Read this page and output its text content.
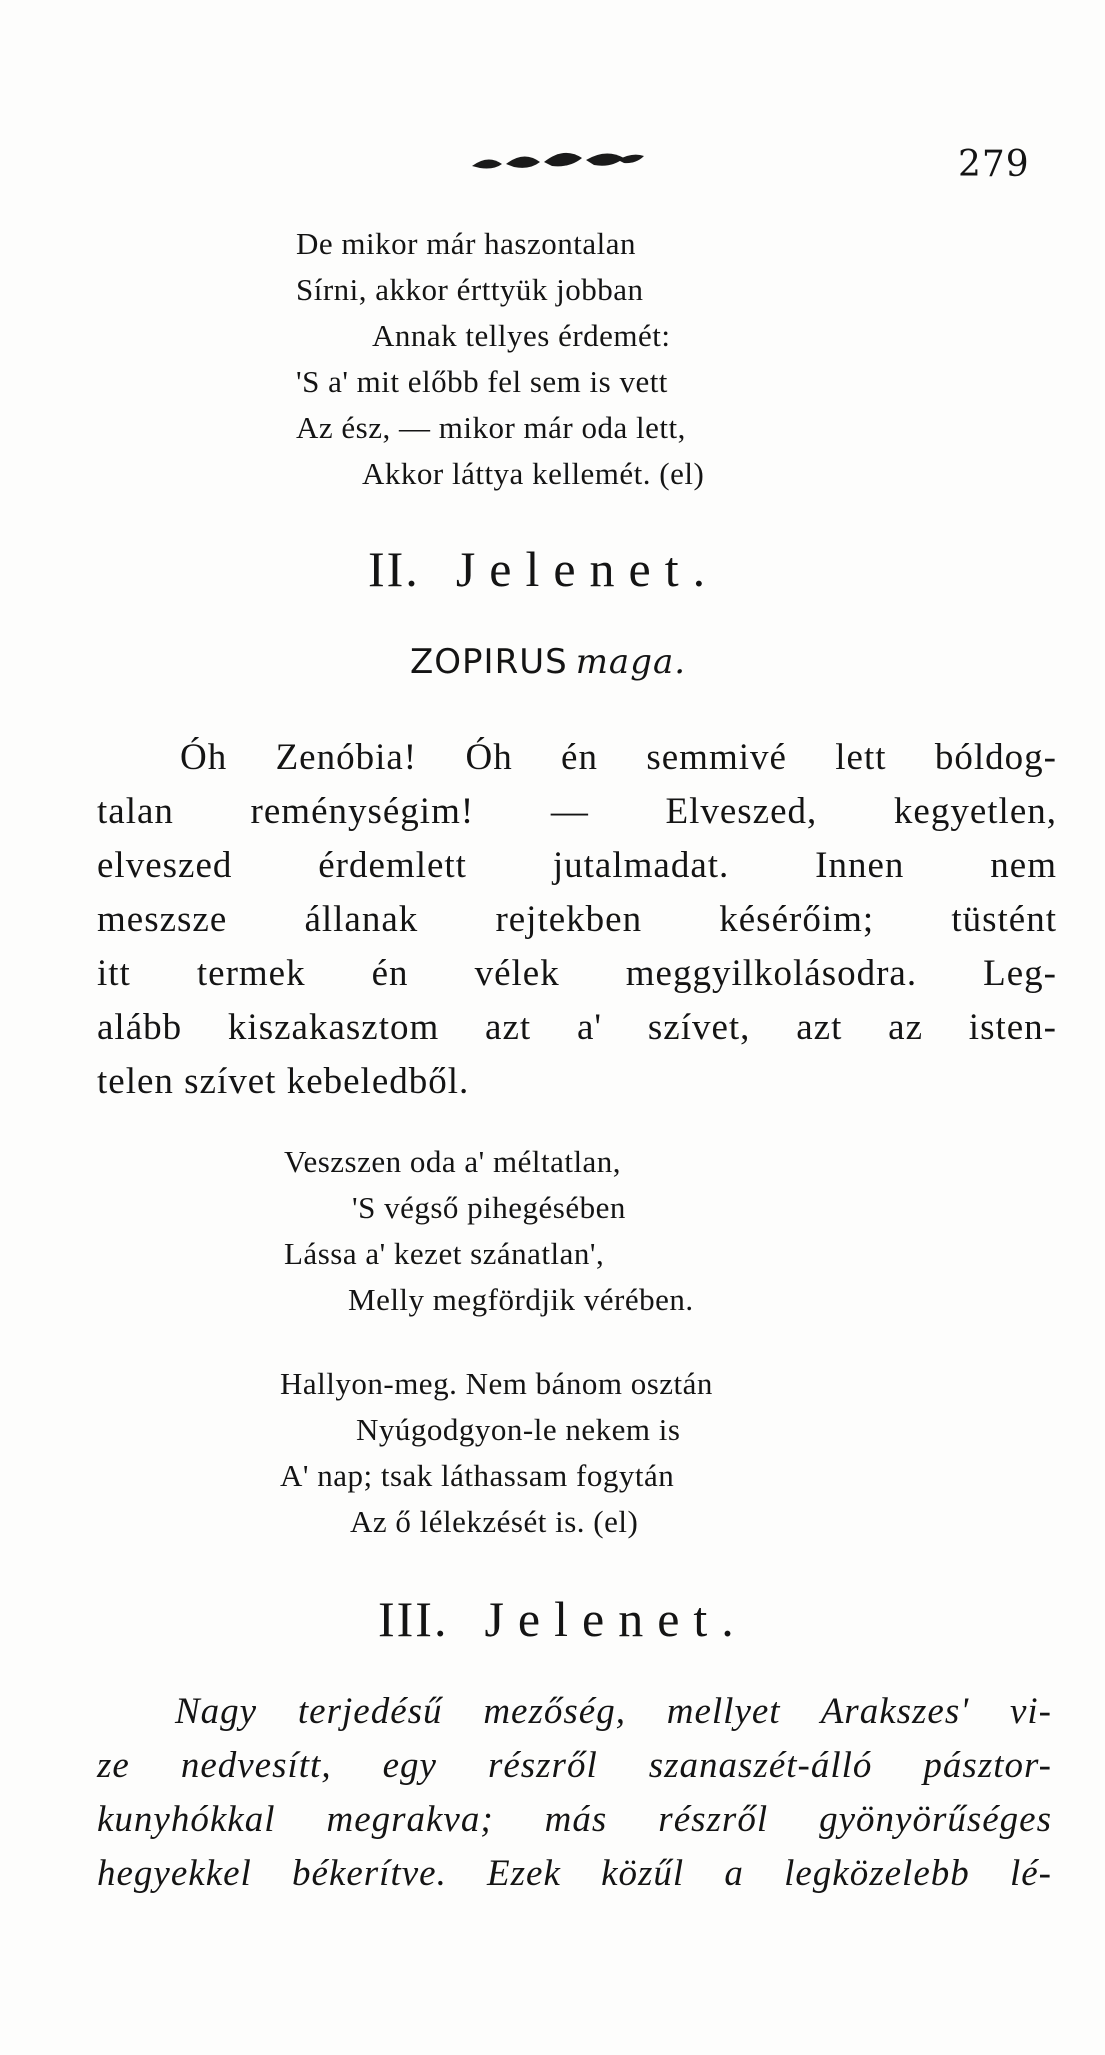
279
De mikor már haszontalan
Sírni, akkor érttyük jobban
Annak tellyes érdemét:
'S a' mit előbb fel sem is vett
Az ész, — mikor már oda lett,
Akkor láttya kellemét. (el)
II. Jelenet.
ZOPIRUS maga.
Óh Zenóbia! Óh én semmivé lett bóldog-
talan reménységim! — Elveszed, kegyetlen,
elveszed érdemlett jutalmadat. Innen nem
meszsze állanak rejtekben késérőim; tüstént
itt termek én vélek meggyilkolásodra. Leg-
alább kiszakasztom azt a' szívet, azt az isten-
telen szívet kebeledből.
Veszszen oda a' méltatlan,
'S végső pihegésében
Lássa a' kezet szánatlan',
Melly megfördjik vérében.
Hallyon-meg. Nem bánom osztán
Nyúgodgyon-le nekem is
A' nap; tsak láthassam fogytán
Az ő lélekzését is. (el)
III. Jelenet.
Nagy terjedésű mezőség, mellyet Arakszes' vi-
ze nedvesítt, egy részről szanaszét-álló pásztor-
kunyhókkal megrakva; más részről gyönyörűséges
hegyekkel békerítve. Ezek közűl a legközelebb lé-
